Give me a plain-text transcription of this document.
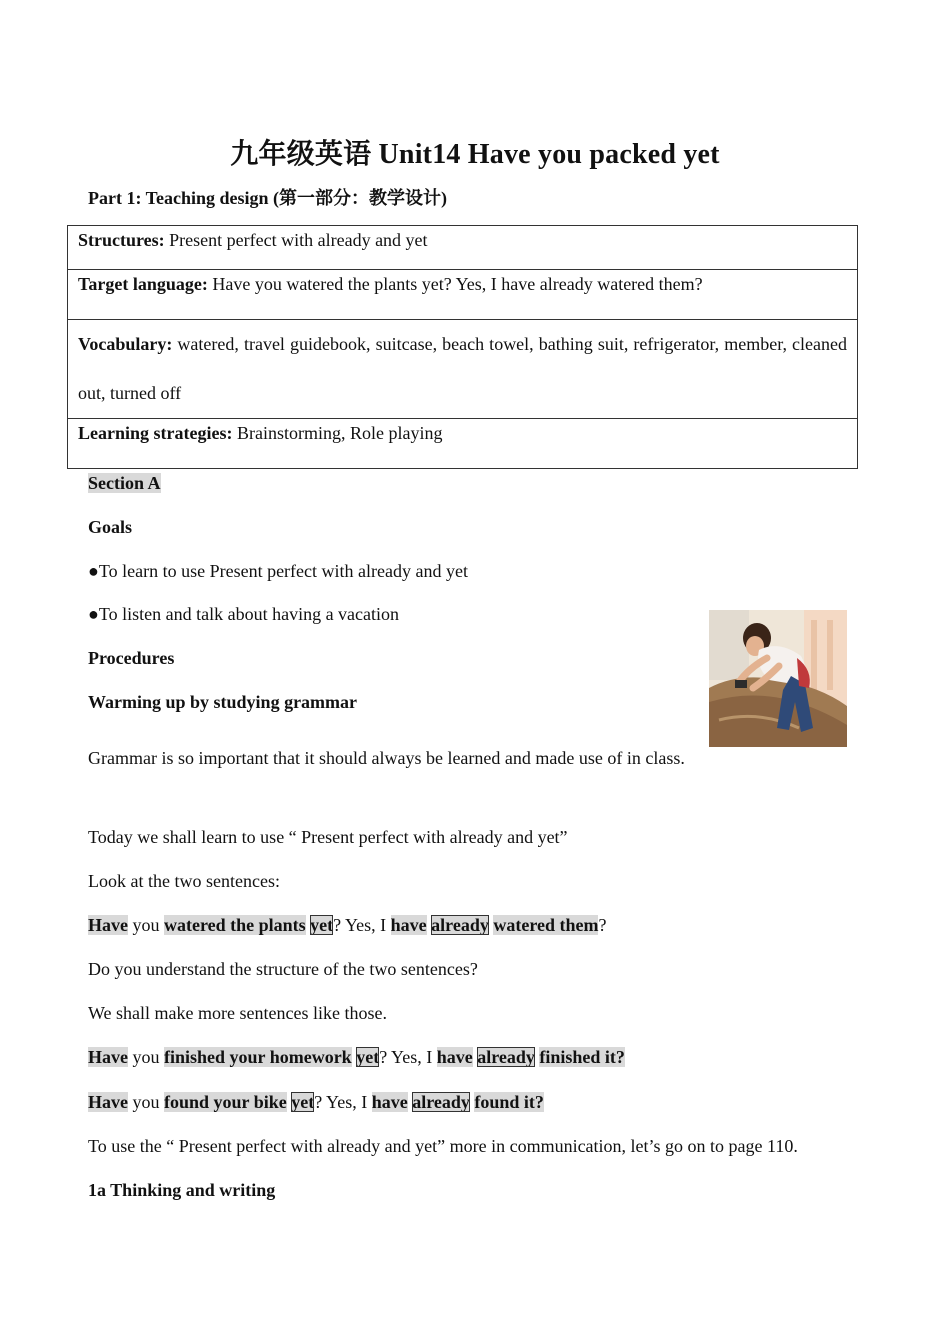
九年级英语 Unit14 Have you packed yet
Part 1: Teaching design (第一部分：教学设计)
Structures: Present perfect with already and yet
Target language: Have you watered the plants yet? Yes, I have already watered them?
Vocabulary: watered, travel guidebook, suitcase, beach towel, bathing suit, refrigerator, member, cleaned out, turned off
Learning strategies: Brainstorming, Role playing
Section A
Goals
●To learn to use Present perfect with already and yet
●To listen and talk about having a vacation
Procedures
Warming up by studying grammar
Grammar is so important that it should always be learned and made use of in class.
Today we shall learn to use “ Present perfect with already and yet”
Look at the two sentences:
Have you watered the plants yet? Yes, I have already watered them?
Do you understand the structure of the two sentences?
We shall make more sentences like those.
Have you finished your homework yet? Yes, I have already finished it?
Have you found your bike yet? Yes, I have already found it?
To use the “ Present perfect with already and yet” more in communication, let’s go on to page 110.
1a Thinking and writing
